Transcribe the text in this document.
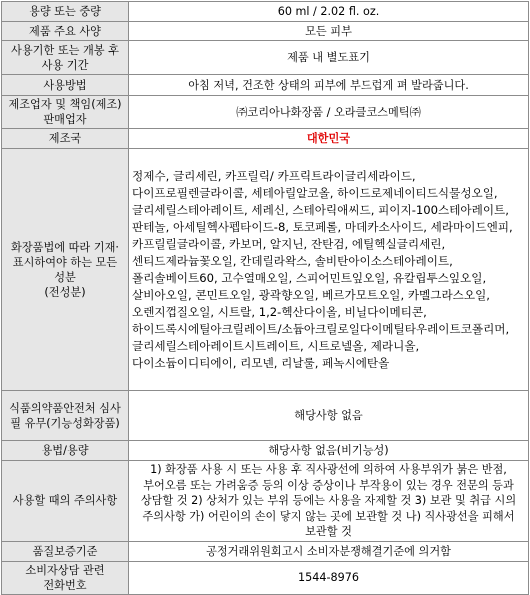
용량 또는 중량	60 ml / 2.02 fl. oz.
제품 주요 사양	모든 피부
사용기한 또는 개봉 후 사용 기간	제품 내 별도표기
사용방법	아침 저녁, 건조한 상태의 피부에 부드럽게 펴 발라줍니다.
제조업자 및 책임(제조)판매업자	㈜코리아나화장품 / 오라클코스메틱㈜
제조국	대한민국
화장품법에 따라 기재·표시하여야 하는 모든 성분
(전성분)	정제수, 글리세린, 카프릴릭/ 카프릭트라이글리세라이드, 다이프로필렌글라이콜, 세테아릴알코올, 하이드로제네이티드식물성오일, 글리세릴스테아레이트, 세레신, 스테아릭애씨드, 피이지-100스테아레이트, 판테놀, 아세틸헥사펩타이드-8, 토코페롤, 마데카소사이드, 세라마이드엔피, 카프릴릴글라이콜, 카보머, 알지닌, 잔탄검, 에틸헥실글리세린, 센티드제라늄꽃오일, 칸데릴라왁스, 솔비탄아이소스테아레이트, 폴리솔베이트60, 고수열매오일, 스피어민트잎오일, 유칼립투스잎오일, 살비아오일, 콘민트오일, 광곽향오일, 베르가모트오일, 카멜그라스오일, 오렌지껍질오일, 시트랄, 1,2-헥산다이올, 비닐다이메티콘, 하이드록시에틸아크릴레이트/소듐아크릴로일다이메틸타우레이트코폴리머, 글리세릴스테아레이트시트레이트, 시트로넬올, 제라니올, 다이소듐이디티에이, 리모넨, 리날룰, 페녹시에탄올
식품의약품안전처 심사 필 유무(기능성화장품)	해당사항 없음
용법/용량	해당사항 없음(비기능성)
사용할 때의 주의사항	1) 화장품 사용 시 또는 사용 후 직사광선에 의하여 사용부위가 붉은 반점, 부어오름 또는 가려움증 등의 이상 증상이나 부작용이 있는 경우 전문의 등과 상담할 것 2) 상처가 있는 부위 등에는 사용을 자제할 것 3) 보관 및 취급 시의 주의사항 가) 어린이의 손이 닿지 않는 곳에 보관할 것 나) 직사광선을 피해서 보관할 것
품질보증기준	공정거래위원회고시 소비자분쟁해결기준에 의거함
소비자상담 관련 전화번호	1544-8976
